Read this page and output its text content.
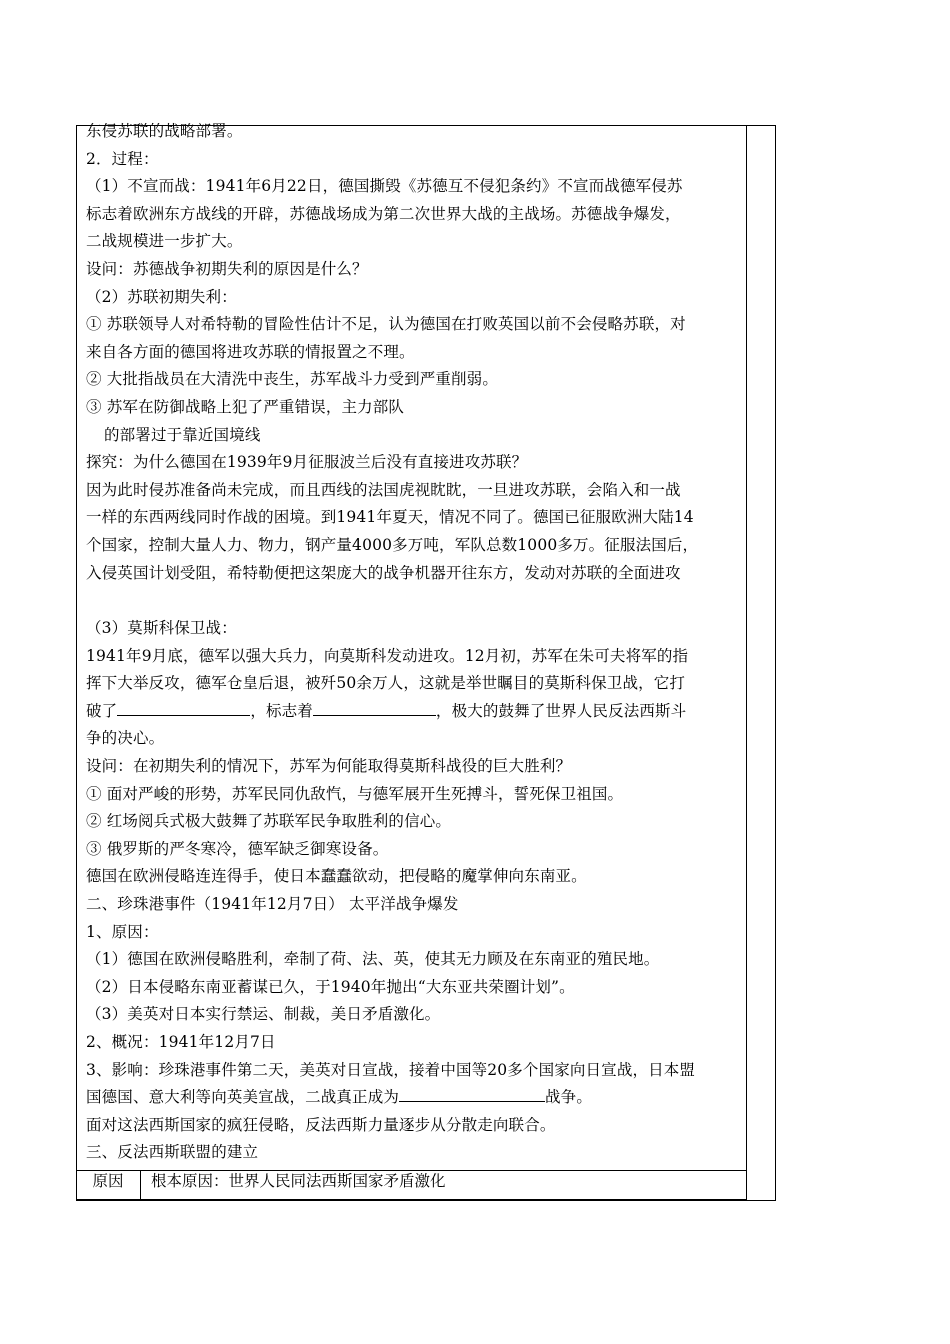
东侵苏联的战略部署。
2．过程：
（1）不宣而战：1941年6月22日，德国撕毁《苏德互不侵犯条约》不宣而战德军侵苏
标志着欧洲东方战线的开辟，苏德战场成为第二次世界大战的主战场。苏德战争爆发，
二战规模进一步扩大。
设问：苏德战争初期失利的原因是什么？
（2）苏联初期失利：
① 苏联领导人对希特勒的冒险性估计不足，认为德国在打败英国以前不会侵略苏联，对
来自各方面的德国将进攻苏联的情报置之不理。
② 大批指战员在大清洗中丧生，苏军战斗力受到严重削弱。
③ 苏军在防御战略上犯了严重错误，主力部队
的部署过于靠近国境线
探究：为什么德国在1939年9月征服波兰后没有直接进攻苏联？
因为此时侵苏准备尚未完成，而且西线的法国虎视眈眈，一旦进攻苏联，会陷入和一战
一样的东西两线同时作战的困境。到1941年夏天，情况不同了。德国已征服欧洲大陆14
个国家，控制大量人力、物力，钢产量4000多万吨，军队总数1000多万。征服法国后，
入侵英国计划受阻，希特勒便把这架庞大的战争机器开往东方，发动对苏联的全面进攻
（3）莫斯科保卫战：
1941年9月底，德军以强大兵力，向莫斯科发动进攻。12月初，苏军在朱可夫将军的指
挥下大举反攻，德军仓皇后退，被歼50余万人，这就是举世瞩目的莫斯科保卫战，它打
破了	，标志着	，极大的鼓舞了世界人民反法西斯斗
争的决心。
设问：在初期失利的情况下，苏军为何能取得莫斯科战役的巨大胜利？
① 面对严峻的形势，苏军民同仇敌忾，与德军展开生死搏斗，誓死保卫祖国。
② 红场阅兵式极大鼓舞了苏联军民争取胜利的信心。
③ 俄罗斯的严冬寒冷，德军缺乏御寒设备。
德国在欧洲侵略连连得手，使日本蠢蠢欲动，把侵略的魔掌伸向东南亚。
二、珍珠港事件（1941年12月7日） 太平洋战争爆发
1、原因：
（1）德国在欧洲侵略胜利，牵制了荷、法、英，使其无力顾及在东南亚的殖民地。
（2）日本侵略东南亚蓄谋已久，于1940年抛出“大东亚共荣圈计划”。
（3）美英对日本实行禁运、制裁，美日矛盾激化。
2、概况：1941年12月7日
3、影响：珍珠港事件第二天，美英对日宣战，接着中国等20多个国家向日宣战，日本盟
国德国、意大利等向英美宣战，二战真正成为	战争。
面对这法西斯国家的疯狂侵略，反法西斯力量逐步从分散走向联合。
三、反法西斯联盟的建立
原因	根本原因：世界人民同法西斯国家矛盾激化
